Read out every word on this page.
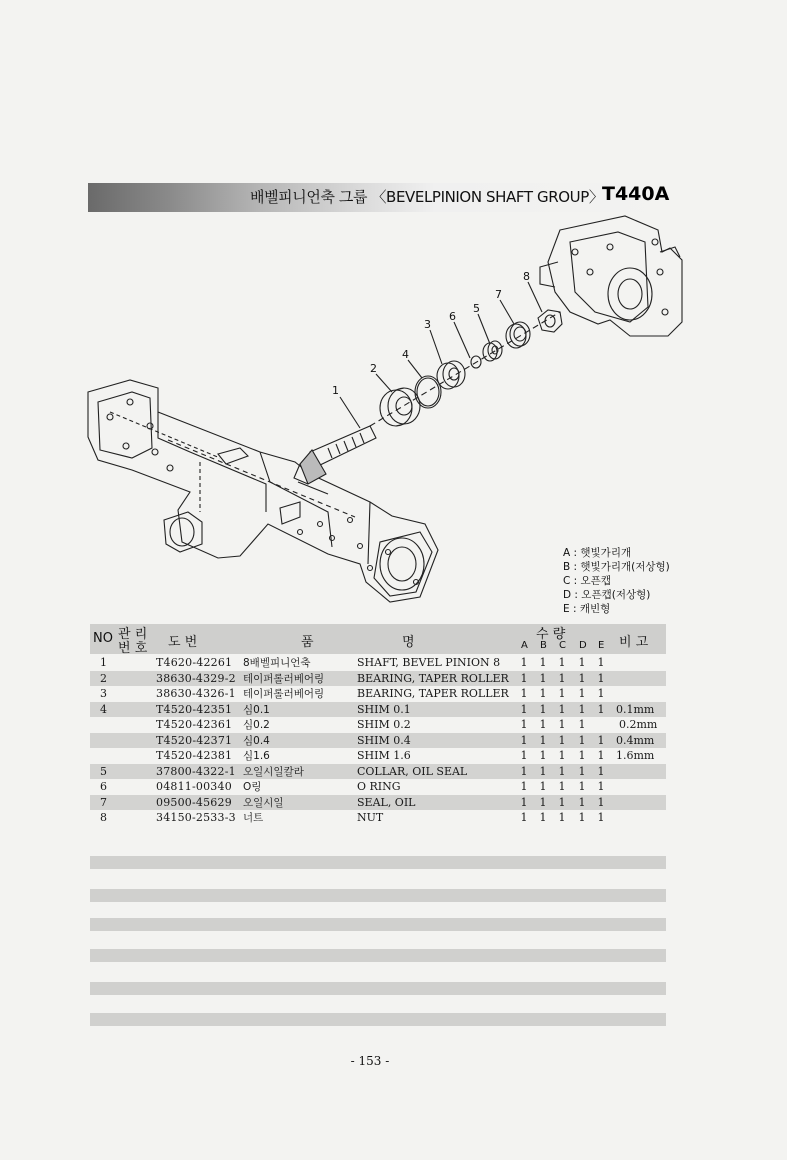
배벨피니언축 그룹 〈BEVELPINION SHAFT GROUP〉
T440A
1
2
4
3
6
5
7
8
A : 햇빛가리개
B : 햇빛가리개(저상형)
C : 오픈캡
D : 오픈캡(저상형)
E : 캐빈형
NO 관 리
번 호 도 번	품	명
수 량
A B C D E 비 고
1	T4620-42261 8배벨피니언축	SHAFT, BEVEL PINION 8 1 1 1 1 1
2	38630-4329-2 테이퍼롤러베어링	BEARING, TAPER ROLLER 1 1 1 1 1
3	38630-4326-1 테이퍼롤러베어링	BEARING, TAPER ROLLER 1 1 1 1 1
4	T4520-42351 심0.1	SHIM 0.1	1 1 1 1 1 0.1mm
T4520-42361 심0.2	SHIM 0.2	1 1 1 1	0.2mm
T4520-42371 심0.4	SHIM 0.4	1 1 1 1 1 0.4mm
T4520-42381 심1.6	SHIM 1.6	1 1 1 1 1 1.6mm
5	37800-4322-1 오일시일칼라	COLLAR, OIL SEAL	1 1 1 1 1
6	04811-00340 O링	O RING	1 1 1 1 1
7	09500-45629 오일시일	SEAL, OIL	1 1 1 1 1
8	34150-2533-3 너트	NUT	1 1 1 1 1
- 153 -
